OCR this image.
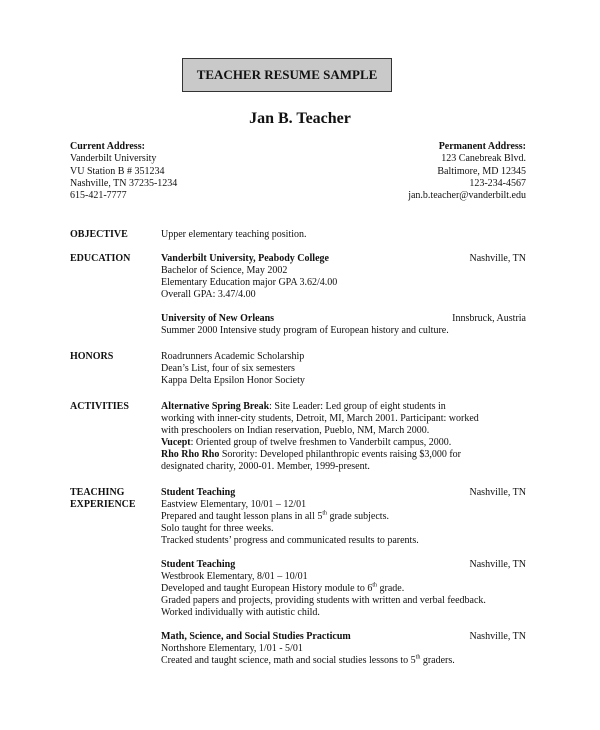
TEACHER RESUME SAMPLE
Jan B. Teacher
Current Address:
Vanderbilt University
VU Station B # 351234
Nashville, TN 37235-1234
615-421-7777
Permanent Address:
123 Canebreak Blvd.
Baltimore, MD 12345
123-234-4567
jan.b.teacher@vanderbilt.edu
OBJECTIVE	Upper elementary teaching position.
EDUCATION	Vanderbilt University, Peabody College	Nashville, TN
Bachelor of Science, May 2002
Elementary Education major GPA 3.62/4.00
Overall GPA: 3.47/4.00
University of New Orleans	Innsbruck, Austria
Summer 2000 Intensive study program of European history and culture.
HONORS	Roadrunners Academic Scholarship
Dean’s List, four of six semesters
Kappa Delta Epsilon Honor Society
ACTIVITIES	Alternative Spring Break: Site Leader: Led group of eight students in
working with inner-city students, Detroit, MI, March 2001. Participant: worked
with preschoolers on Indian reservation, Pueblo, NM, March 2000.
Vucept: Oriented group of twelve freshmen to Vanderbilt campus, 2000.
Rho Rho Rho Sorority: Developed philanthropic events raising $3,000 for
designated charity, 2000-01. Member, 1999-present.
TEACHING
EXPERIENCE
Student Teaching	Nashville, TN
Eastview Elementary, 10/01 – 12/01
Prepared and taught lesson plans in all 5th grade subjects.
Solo taught for three weeks.
Tracked students’ progress and communicated results to parents.
Student Teaching	Nashville, TN
Westbrook Elementary, 8/01 – 10/01
Developed and taught European History module to 6th grade.
Graded papers and projects, providing students with written and verbal feedback.
Worked individually with autistic child.
Math, Science, and Social Studies Practicum	Nashville, TN
Northshore Elementary, 1/01 - 5/01
Created and taught science, math and social studies lessons to 5th graders.
